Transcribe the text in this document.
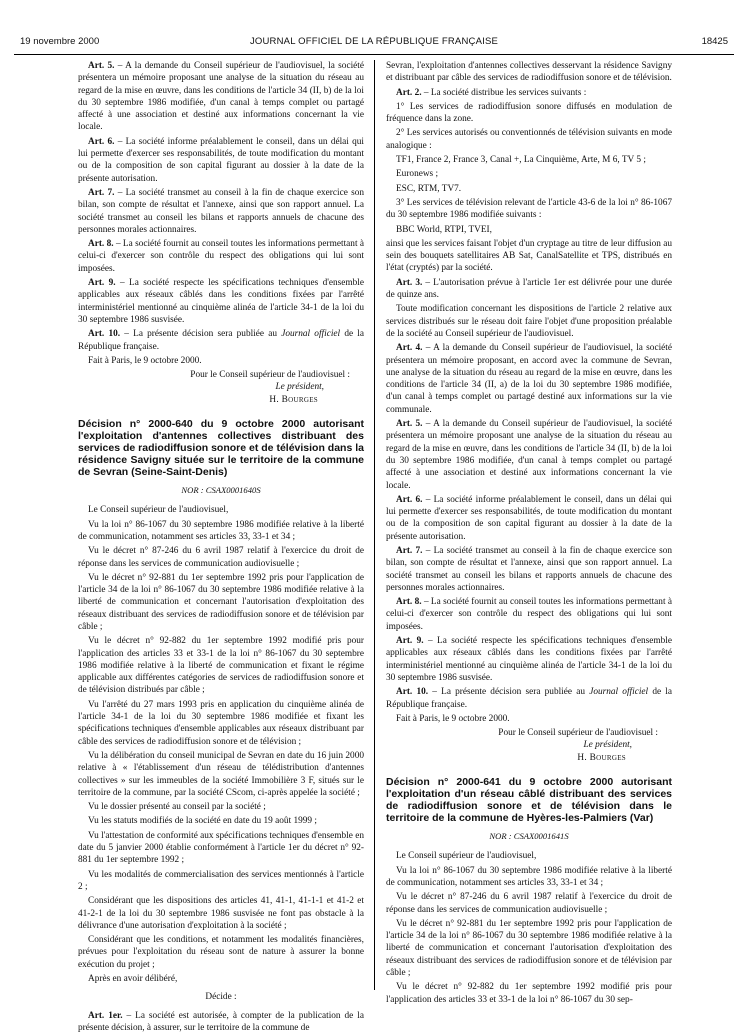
19 novembre 2000	JOURNAL OFFICIEL DE LA RÉPUBLIQUE FRANÇAISE	18425

Art. 5. – A la demande du Conseil supérieur de l'audiovisuel, la société présentera un mémoire proposant une analyse de la situation du réseau au regard de la mise en œuvre, dans les conditions de l'article 34 (II, b) de la loi du 30 septembre 1986 modifiée, d'un canal à temps complet ou partagé affecté à une association et destiné aux informations concernant la vie locale.

Art. 6. – La société informe préalablement le conseil, dans un délai qui lui permette d'exercer ses responsabilités, de toute modification du montant ou de la composition de son capital figurant au dossier à la date de la présente autorisation.

Art. 7. – La société transmet au conseil à la fin de chaque exercice son bilan, son compte de résultat et l'annexe, ainsi que son rapport annuel. La société transmet au conseil les bilans et rapports annuels de chacune des personnes morales actionnaires.

Art. 8. – La société fournit au conseil toutes les informations permettant à celui-ci d'exercer son contrôle du respect des obligations qui lui sont imposées.

Art. 9. – La société respecte les spécifications techniques d'ensemble applicables aux réseaux câblés dans les conditions fixées par l'arrêté interministériel mentionné au cinquième alinéa de l'article 34-1 de la loi du 30 septembre 1986 susvisée.

Art. 10. – La présente décision sera publiée au Journal officiel de la République française.

Fait à Paris, le 9 octobre 2000.

Pour le Conseil supérieur de l'audiovisuel :
Le président,
H. Bourges
Décision n° 2000-640 du 9 octobre 2000 autorisant l'exploitation d'antennes collectives distribuant des services de radiodiffusion sonore et de télévision dans la résidence Savigny située sur le territoire de la commune de Sevran (Seine-Saint-Denis)
NOR : CSAX0001640S

Le Conseil supérieur de l'audiovisuel,

Vu la loi n° 86-1067 du 30 septembre 1986 modifiée relative à la liberté de communication, notamment ses articles 33, 33-1 et 34 ;

Vu le décret n° 87-246 du 6 avril 1987 relatif à l'exercice du droit de réponse dans les services de communication audiovisuelle ;

Vu le décret n° 92-881 du 1er septembre 1992 pris pour l'application de l'article 34 de la loi n° 86-1067 du 30 septembre 1986 modifiée relative à la liberté de communication et concernant l'autorisation d'exploitation des réseaux distribuant des services de radiodiffusion sonore et de télévision par câble ;

Vu le décret n° 92-882 du 1er septembre 1992 modifié pris pour l'application des articles 33 et 33-1 de la loi n° 86-1067 du 30 septembre 1986 modifiée relative à la liberté de communication et fixant le régime applicable aux différentes catégories de services de radiodiffusion sonore et de télévision distribués par câble ;

Vu l'arrêté du 27 mars 1993 pris en application du cinquième alinéa de l'article 34-1 de la loi du 30 septembre 1986 modifiée et fixant les spécifications techniques d'ensemble applicables aux réseaux distribuant par câble des services de radiodiffusion sonore et de télévision ;

Vu la délibération du conseil municipal de Sevran en date du 16 juin 2000 relative à « l'établissement d'un réseau de télédistribution d'antennes collectives » sur les immeubles de la société Immobilière 3 F, situés sur le territoire de la commune, par la société CScom, ci-après appelée la société ;

Vu le dossier présenté au conseil par la société ;

Vu les statuts modifiés de la société en date du 19 août 1999 ;

Vu l'attestation de conformité aux spécifications techniques d'ensemble en date du 5 janvier 2000 établie conformément à l'article 1er du décret n° 92-881 du 1er septembre 1992 ;

Vu les modalités de commercialisation des services mentionnés à l'article 2 ;

Considérant que les dispositions des articles 41, 41-1, 41-1-1 et 41-2 et 41-2-1 de la loi du 30 septembre 1986 susvisée ne font pas obstacle à la délivrance d'une autorisation d'exploitation à la société ;

Considérant que les conditions, et notamment les modalités financières, prévues pour l'exploitation du réseau sont de nature à assurer la bonne exécution du projet ;

Après en avoir délibéré,

Décide :

Art. 1er. – La société est autorisée, à compter de la publication de la présente décision, à assurer, sur le territoire de la commune de

Sevran, l'exploitation d'antennes collectives desservant la résidence Savigny et distribuant par câble des services de radiodiffusion sonore et de télévision.

Art. 2. – La société distribue les services suivants :

1° Les services de radiodiffusion sonore diffusés en modulation de fréquence dans la zone.

2° Les services autorisés ou conventionnés de télévision suivants en mode analogique :

TF1, France 2, France 3, Canal +, La Cinquième, Arte, M 6, TV 5 ;

Euronews ;

ESC, RTM, TV7.

3° Les services de télévision relevant de l'article 43-6 de la loi n° 86-1067 du 30 septembre 1986 modifiée suivants :

BBC World, RTPI, TVEI,

ainsi que les services faisant l'objet d'un cryptage au titre de leur diffusion au sein des bouquets satellitaires AB Sat, CanalSatellite et TPS, distribués en l'état (cryptés) par la société.

Art. 3. – L'autorisation prévue à l'article 1er est délivrée pour une durée de quinze ans.

Toute modification concernant les dispositions de l'article 2 relative aux services distribués sur le réseau doit faire l'objet d'une proposition préalable de la société au Conseil supérieur de l'audiovisuel.

Art. 4. – A la demande du Conseil supérieur de l'audiovisuel, la société présentera un mémoire proposant, en accord avec la commune de Sevran, une analyse de la situation du réseau au regard de la mise en œuvre, dans les conditions de l'article 34 (II, a) de la loi du 30 septembre 1986 modifiée, d'un canal à temps complet ou partagé destiné aux informations sur la vie communale.

Art. 5. – A la demande du Conseil supérieur de l'audiovisuel, la société présentera un mémoire proposant une analyse de la situation du réseau au regard de la mise en œuvre, dans les conditions de l'article 34 (II, b) de la loi du 30 septembre 1986 modifiée, d'un canal à temps complet ou partagé affecté à une association et destiné aux informations concernant la vie locale.

Art. 6. – La société informe préalablement le conseil, dans un délai qui lui permette d'exercer ses responsabilités, de toute modification du montant ou de la composition de son capital figurant au dossier à la date de la présente autorisation.

Art. 7. – La société transmet au conseil à la fin de chaque exercice son bilan, son compte de résultat et l'annexe, ainsi que son rapport annuel. La société transmet au conseil les bilans et rapports annuels de chacune des personnes morales actionnaires.

Art. 8. – La société fournit au conseil toutes les informations permettant à celui-ci d'exercer son contrôle du respect des obligations qui lui sont imposées.

Art. 9. – La société respecte les spécifications techniques d'ensemble applicables aux réseaux câblés dans les conditions fixées par l'arrêté interministériel mentionné au cinquième alinéa de l'article 34-1 de la loi du 30 septembre 1986 susvisée.

Art. 10. – La présente décision sera publiée au Journal officiel de la République française.

Fait à Paris, le 9 octobre 2000.

Pour le Conseil supérieur de l'audiovisuel :
Le président,
H. Bourges
Décision n° 2000-641 du 9 octobre 2000 autorisant l'exploitation d'un réseau câblé distribuant des services de radiodiffusion sonore et de télévision dans le territoire de la commune de Hyères-les-Palmiers (Var)
NOR : CSAX0001641S

Le Conseil supérieur de l'audiovisuel,

Vu la loi n° 86-1067 du 30 septembre 1986 modifiée relative à la liberté de communication, notamment ses articles 33, 33-1 et 34 ;

Vu le décret n° 87-246 du 6 avril 1987 relatif à l'exercice du droit de réponse dans les services de communication audiovisuelle ;

Vu le décret n° 92-881 du 1er septembre 1992 pris pour l'application de l'article 34 de la loi n° 86-1067 du 30 septembre 1986 modifiée relative à la liberté de communication et concernant l'autorisation d'exploitation des réseaux distribuant des services de radiodiffusion sonore et de télévision par câble ;

Vu le décret n° 92-882 du 1er septembre 1992 modifié pris pour l'application des articles 33 et 33-1 de la loi n° 86-1067 du 30 sep-
